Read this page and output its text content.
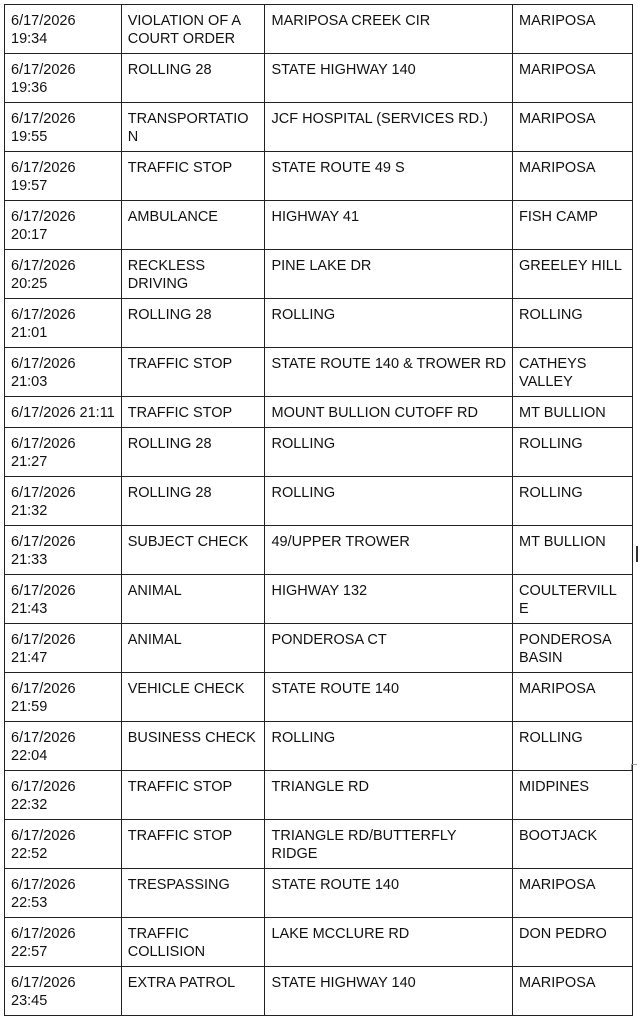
6/17/2026 19:34	VIOLATION OF A COURT ORDER	MARIPOSA CREEK CIR	MARIPOSA
6/17/2026 19:36	ROLLING 28	STATE HIGHWAY 140	MARIPOSA
6/17/2026 19:55	TRANSPORTATION	JCF HOSPITAL (SERVICES RD.)	MARIPOSA
6/17/2026 19:57	TRAFFIC STOP	STATE ROUTE 49 S	MARIPOSA
6/17/2026 20:17	AMBULANCE	HIGHWAY 41	FISH CAMP
6/17/2026 20:25	RECKLESS DRIVING	PINE LAKE DR	GREELEY HILL
6/17/2026 21:01	ROLLING 28	ROLLING	ROLLING
6/17/2026 21:03	TRAFFIC STOP	STATE ROUTE 140 & TROWER RD	CATHEYS VALLEY
6/17/2026 21:11	TRAFFIC STOP	MOUNT BULLION CUTOFF RD	MT BULLION
6/17/2026 21:27	ROLLING 28	ROLLING	ROLLING
6/17/2026 21:32	ROLLING 28	ROLLING	ROLLING
6/17/2026 21:33	SUBJECT CHECK	49/UPPER TROWER	MT BULLION
6/17/2026 21:43	ANIMAL	HIGHWAY 132	COULTERVILLE
6/17/2026 21:47	ANIMAL	PONDEROSA CT	PONDEROSA BASIN
6/17/2026 21:59	VEHICLE CHECK	STATE ROUTE 140	MARIPOSA
6/17/2026 22:04	BUSINESS CHECK	ROLLING	ROLLING
6/17/2026 22:32	TRAFFIC STOP	TRIANGLE RD	MIDPINES
6/17/2026 22:52	TRAFFIC STOP	TRIANGLE RD/BUTTERFLY RIDGE	BOOTJACK
6/17/2026 22:53	TRESPASSING	STATE ROUTE 140	MARIPOSA
6/17/2026 22:57	TRAFFIC COLLISION	LAKE MCCLURE RD	DON PEDRO
6/17/2026 23:45	EXTRA PATROL	STATE HIGHWAY 140	MARIPOSA
